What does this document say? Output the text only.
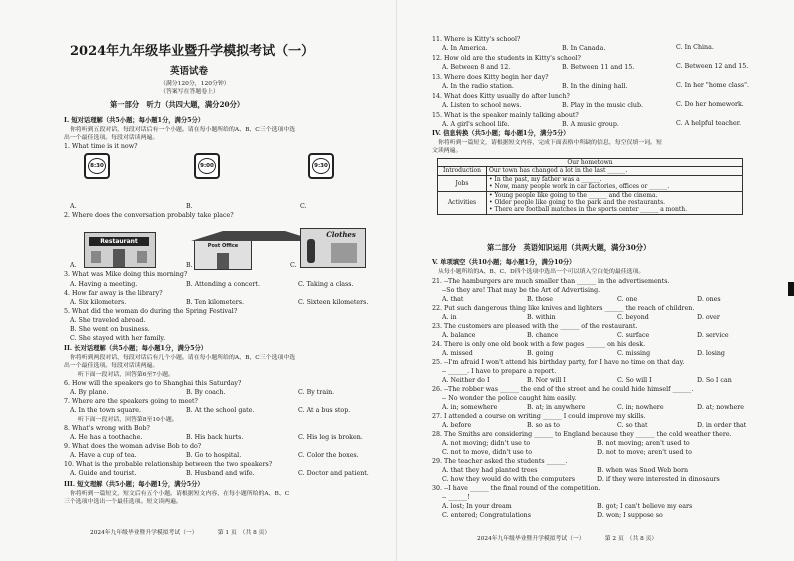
2024年九年级毕业暨升学模拟考试（一）
英语试卷
（满分120分，120分钟）
（答案写在答题卷上）
第一部分　听力（共四大题，满分20分）
I. 短对话理解（共5小题；每小题1分，满分5分）
你将听到五段对话，每段对话后有一个小题。请在每小题所给的A、B、C三个选项中选
出一个最佳选项。每段对话读两遍。
1. What time is it now?
8:30	9:00	9:30
A.	B.	C.
2. Where does the conversation probably take place?
Restaurant
Post Office
Clothes
A.	B.	C.
3. What was Mike doing this morning?
A. Having a meeting.	B. Attending a concert.	C. Taking a class.
4. How far away is the library?
A. Six kilometers.	B. Ten kilometers.	C. Sixteen kilometers.
5. What did the woman do during the Spring Festival?
A. She traveled abroad.
B. She went on business.
C. She stayed with her family.
II. 长对话理解（共5小题；每小题1分，满分5分）
你将听到两段对话，每段对话后有几个小题。请在每小题所给的A、B、C三个选项中选
出一个最佳选项。每段对话读两遍。
听下面一段对话，回答第6至7小题。
6. How will the speakers go to Shanghai this Saturday?
A. By plane.	B. By coach.	C. By train.
7. Where are the speakers going to meet?
A. In the town square.	B. At the school gate.	C. At a bus stop.
听下面一段对话，回答第8至10小题。
8. What's wrong with Bob?
A. He has a toothache.	B. His back hurts.	C. His leg is broken.
9. What does the woman advise Bob to do?
A. Have a cup of tea.	B. Go to hospital.	C. Color the boxes.
10. What is the probable relationship between the two speakers?
A. Guide and tourist.	B. Husband and wife.	C. Doctor and patient.
III. 短文理解（共5小题；每小题1分，满分5分）
你将听到一篇短文，短文后有五个小题。请根据短文内容，在每小题所给的A、B、C
三个选项中选出一个最佳选项。短文读两遍。
2024年九年级毕业暨升学模拟考试（一）　　　　第 1 页　（共 8 页）
11. Where is Kitty's school?
A. In America.	B. In Canada.	C. In China.
12. How old are the students in Kitty's school?
A. Between 8 and 12.	B. Between 11 and 15.	C. Between 12 and 15.
13. Where does Kitty begin her day?
A. In the radio station.	B. In the dining hall.	C. In her "home class".
14. What does Kitty usually do after lunch?
A. Listen to school news.	B. Play in the music club.	C. Do her homework.
15. What is the speaker mainly talking about?
A. A girl's school life.	B. A music group.	C. A helpful teacher.
IV. 信息转换（共5小题；每小题1分，满分5分）
你将听到一篇短文，请根据短文内容，完成下面表格中所缺的信息，每空仅填一词。短
文读两遍。
Our hometown	
Introduction	Our town has changed a lot in the last ______.
Jobs	• In the past, my father was a ______.
• Now, many people work in car factories, offices or ______.

Activities	• Young people like going to the ______ and the cinema.
• Older people like going to the park and the restaurants.
• There are football matches in the sports center ______ a month.
第二部分　英语知识运用（共两大题，满分30分）
V. 单项填空（共10小题；每小题1分，满分10分）
从每小题所给的A、B、C、D四个选项中选出一个可以填入空白处的最佳选项。
21. --The hamburgers are much smaller than ______ in the advertisements.
--So they are! That may be the Art of Advertising.
A. that	B. those	C. one	D. ones
22. Put such dangerous thing like knives and lighters ______ the reach of children.
A. in	B. within	C. beyond	D. over
23. The customers are pleased with the ______ of the restaurant.
A. balance	B. chance	C. surface	D. service
24. There is only one old book with a few pages ______ on his desk.
A. missed	B. going	C. missing	D. losing
25. --I'm afraid I won't attend his birthday party, for I have no time on that day.
-- ______. I have to prepare a report.
A. Neither do I	B. Nor will I	C. So will I	D. So I can
26. --The robber was ______ the end of the street and he could hide himself ______.
-- No wonder the police caught him easily.
A. in; somewhere	B. at; in anywhere	C. in; nowhere	D. at; nowhere
27. I attended a course on writing ______ I could improve my skills.
A. before	B. so as to	C. so that	D. in order that
28. The Smiths are considering ______ to England because they ______ the cold weather there.
A. not moving; didn't use to	B. not moving; aren't used to
C. not to move, didn't use to	D. not to move; aren't used to
29. The teacher asked the students ______.
A. that they had planted trees	B. when was Snod Web born
C. how they would do with the computers	D. if they were interested in dinosaurs
30. --I have ______ the final round of the competition.
-- ______!
A. lost; In your dream	B. got; I can't believe my ears
C. entered; Congratulations	D. won; I suppose so
2024年九年级毕业暨升学模拟考试（一）　　　　第 2 页　（共 8 页）
